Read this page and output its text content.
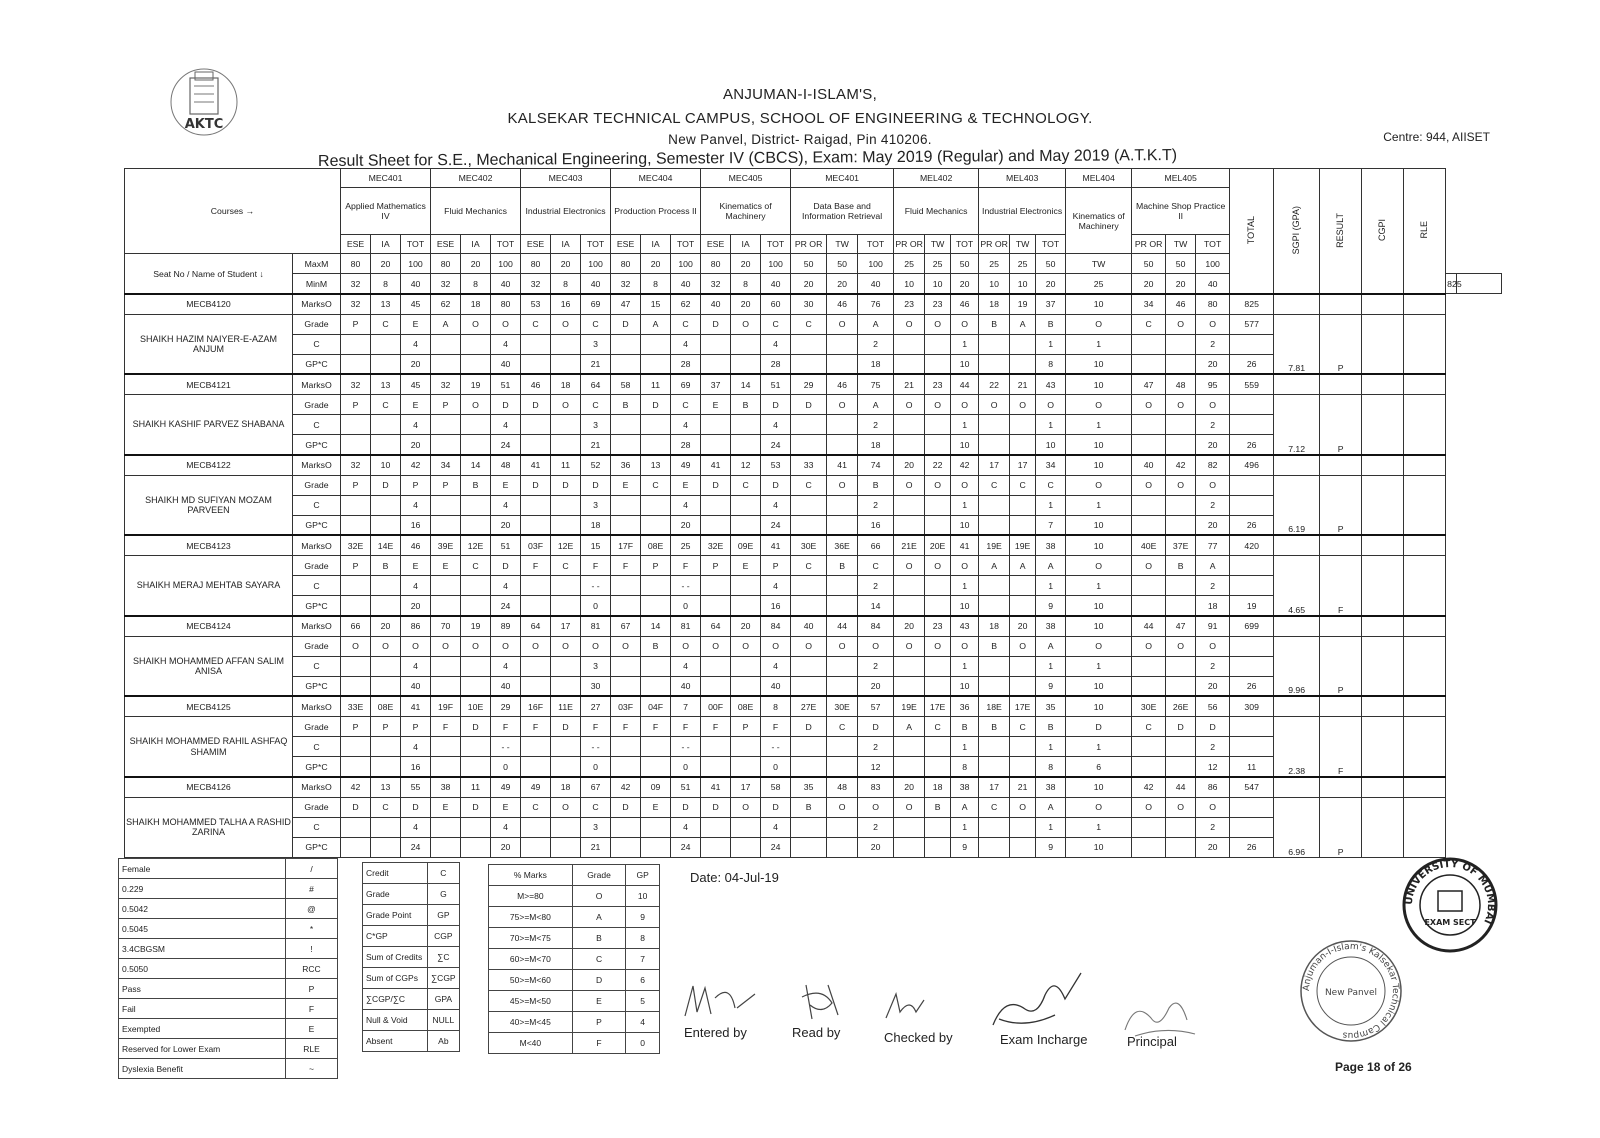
AKTC
ANJUMAN-I-ISLAM'S,
KALSEKAR TECHNICAL CAMPUS, SCHOOL OF ENGINEERING & TECHNOLOGY.
New Panvel, District- Raigad, Pin 410206.	Centre: 944, AIISET
Result Sheet for S.E., Mechanical Engineering, Semester IV (CBCS), Exam: May 2019 (Regular) and May 2019 (A.T.K.T)
Courses →		MEC401			MEC402			MEC403			MEC404			MEC405			MEC401			MEL402			MEL403			MEL404	MEL405			TOTAL	SGPI (GPA)	RESULT	CGPI	RLE		
		Applied Mathematics IV			Fluid Mechanics			Industrial Electronics			Production Process II			Kinematics of Machinery			Data Base and Information Retrieval			Fluid Mechanics			Industrial Electronics			Kinematics of Machinery	Machine Shop Practice II									
		ESE	IA	TOT	ESE	IA	TOT	ESE	IA	TOT	ESE	IA	TOT	ESE	IA	TOT	PR OR	TW	TOT	PR OR	TW	TOT	PR OR	TW	TOT		PR OR	TW	TOT							
Seat No / Name of Student ↓	MaxM	80	20	100	80	20	100	80	20	100	80	20	100	80	20	100	50	50	100	25	25	50	25	25	50	TW	50	50	100							
	MinM	32	8	40	32	8	40	32	8	40	32	8	40	32	8	40	20	20	40	10	10	20	10	10	20	25	20	20	40						825	
MECB4120	MarksO	32	13	45	62	18	80	53	16	69	47	15	62	40	20	60	30	46	76	23	23	46	18	19	37	10	34	46	80	825						
SHAIKH HAZIM NAIYER-E-AZAM ANJUM	Grade	P	C	E	A	O	O	C	O	C	D	A	C	D	O	C	C	O	A	O	O	O	B	A	B	O	C	O	O	577	7.81	P				
	C			4			4			3			4			4			2			1			1	1			2							
	GP*C			20			40			21			28			28			18			10			8	10			20	26						
MECB4121	MarksO	32	13	45	32	19	51	46	18	64	58	11	69	37	14	51	29	46	75	21	23	44	22	21	43	10	47	48	95	559						
SHAIKH KASHIF PARVEZ SHABANA	Grade	P	C	E	P	O	D	D	O	C	B	D	C	E	B	D	D	O	A	O	O	O	O	O	O	O	O	O	O		7.12	P				
	C			4			4			3			4			4			2			1			1	1			2							
	GP*C			20			24			21			28			24			18			10			10	10			20	26						
MECB4122	MarksO	32	10	42	34	14	48	41	11	52	36	13	49	41	12	53	33	41	74	20	22	42	17	17	34	10	40	42	82	496						
SHAIKH MD SUFIYAN MOZAM PARVEEN	Grade	P	D	P	P	B	E	D	D	D	E	C	E	D	C	D	C	O	B	O	O	O	C	C	C	O	O	O	O		6.19	P				
	C			4			4			3			4			4			2			1			1	1			2							
	GP*C			16			20			18			20			24			16			10			7	10			20	26						
MECB4123	MarksO	32E	14E	46	39E	12E	51	03F	12E	15	17F	08E	25	32E	09E	41	30E	36E	66	21E	20E	41	19E	19E	38	10	40E	37E	77	420						
SHAIKH MERAJ MEHTAB SAYARA	Grade	P	B	E	E	C	D	F	C	F	F	P	F	P	E	P	C	B	C	O	O	O	A	A	A	O	O	B	A		4.65	F				
	C			4			4			- -			- -			4			2			1			1	1			2							
	GP*C			20			24			0			0			16			14			10			9	10			18	19						
MECB4124	MarksO	66	20	86	70	19	89	64	17	81	67	14	81	64	20	84	40	44	84	20	23	43	18	20	38	10	44	47	91	699						
SHAIKH MOHAMMED AFFAN SALIM ANISA	Grade	O	O	O	O	O	O	O	O	O	O	B	O	O	O	O	O	O	O	O	O	O	B	O	A	O	O	O	O		9.96	P				
	C			4			4			3			4			4			2			1			1	1			2							
	GP*C			40			40			30			40			40			20			10			9	10			20	26						
MECB4125	MarksO	33E	08E	41	19F	10E	29	16F	11E	27	03F	04F	7	00F	08E	8	27E	30E	57	19E	17E	36	18E	17E	35	10	30E	26E	56	309						
SHAIKH MOHAMMED RAHIL ASHFAQ SHAMIM	Grade	P	P	P	F	D	F	F	D	F	F	F	F	F	P	F	D	C	D	A	C	B	B	C	B	D	C	D	D		2.38	F				
	C			4			- -			- -			- -			- -			2			1			1	1			2							
	GP*C			16			0			0			0			0			12			8			8	6			12	11						
MECB4126	MarksO	42	13	55	38	11	49	49	18	67	42	09	51	41	17	58	35	48	83	20	18	38	17	21	38	10	42	44	86	547						
SHAIKH MOHAMMED TALHA A RASHID ZARINA	Grade	D	C	D	E	D	E	C	O	C	D	E	D	D	O	D	B	O	O	O	B	A	C	O	A	O	O	O	O		6.96	P				
	C			4			4			3			4			4			2			1			1	1			2							
	GP*C			24			20			21			24			24			20			9			9	10			20	26						
Female	/
0.229	#
0.5042	@
0.5045	*
3.4CBGSM	!
0.5050	RCC
Pass	P
Fail	F
Exempted	E
Reserved for Lower Exam	RLE
Dyslexia Benefit	~
Credit	C
Grade	G
Grade Point	GP
C*GP	CGP
Sum of Credits	∑C
Sum of CGPs	∑CGP
∑CGP/∑C	GPA
Null & Void	NULL
Absent	Ab
% Marks	Grade	GP
M>=80	O	10
75>=M<80	A	9
70>=M<75	B	8
60>=M<70	C	7
50>=M<60	D	6
45>=M<50	E	5
40>=M<45	P	4
M<40	F	0
Date: 04-Jul-19
Entered by	Read by	Checked by	Exam Incharge	Principal
Anjuman-I-Islam's Kalsekar Technical Campus
New Panvel
UNIVERSITY OF MUMBAI
EXAM SECT
Page 18 of 26
